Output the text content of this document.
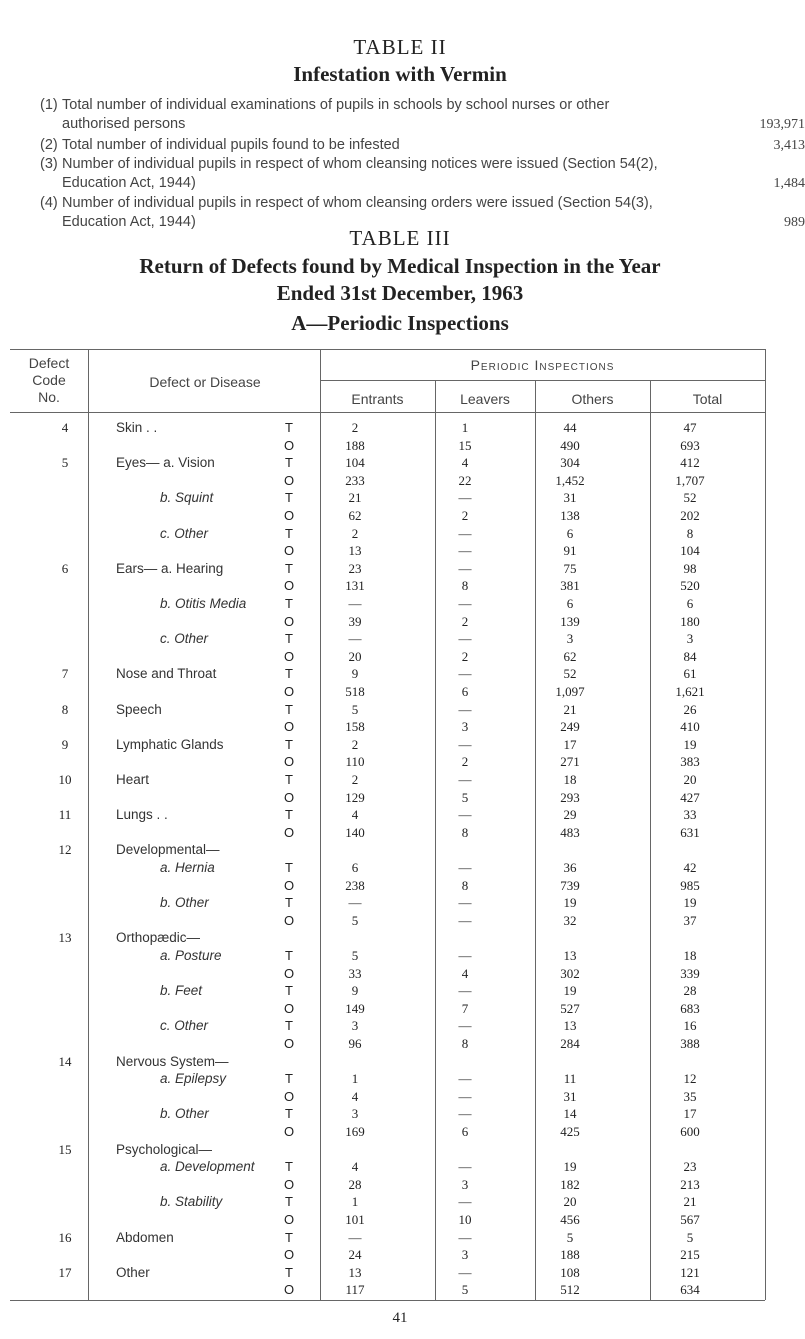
TABLE II
Infestation with Vermin
(1) Total number of individual examinations of pupils in schools by school nurses or other authorised persons	193,971
(2) Total number of individual pupils found to be infested	3,413
(3) Number of individual pupils in respect of whom cleansing notices were issued (Section 54(2), Education Act, 1944)	1,484
(4) Number of individual pupils in respect of whom cleansing orders were issued (Section 54(3), Education Act, 1944)	989
TABLE III
Return of Defects found by Medical Inspection in the Year
Ended 31st December, 1963
A—Periodic Inspections
Defect
Code
No.
Defect or Disease
Periodic Inspections
Entrants	Leavers	Others	Total
4	Skin . .	T	2	1	44	47
O	188	15	490	693
5	Eyes— a. Vision	T	104	4	304	412
O	233	22	1,452	1,707
b. Squint	T	21	—	31	52
O	62	2	138	202
c. Other	T	2	—	6	8
O	13	—	91	104
6	Ears— a. Hearing	T	23	—	75	98
O	131	8	381	520
b. Otitis Media	T	—	—	6	6
O	39	2	139	180
c. Other	T	—	—	3	3
O	20	2	62	84
7	Nose and Throat	T	9	—	52	61
O	518	6	1,097	1,621
8	Speech	T	5	—	21	26
O	158	3	249	410
9	Lymphatic Glands	T	2	—	17	19
O	110	2	271	383
10	Heart	T	2	—	18	20
O	129	5	293	427
11	Lungs . .	T	4	—	29	33
O	140	8	483	631
12	Developmental—
a. Hernia	T	6	—	36	42
O	238	8	739	985
b. Other	T	—	—	19	19
O	5	—	32	37
13	Orthopædic—
a. Posture	T	5	—	13	18
O	33	4	302	339
b. Feet	T	9	—	19	28
O	149	7	527	683
c. Other	T	3	—	13	16
O	96	8	284	388
14	Nervous System—
a. Epilepsy	T	1	—	11	12
O	4	—	31	35
b. Other	T	3	—	14	17
O	169	6	425	600
15	Psychological—
a. Development T	4	—	19	23
O	28	3	182	213
b. Stability	T	1	—	20	21
O	101	10	456	567
16	Abdomen	T	—	—	5	5
O	24	3	188	215
17	Other	T	13	—	108	121
O	117	5	512	634
41
